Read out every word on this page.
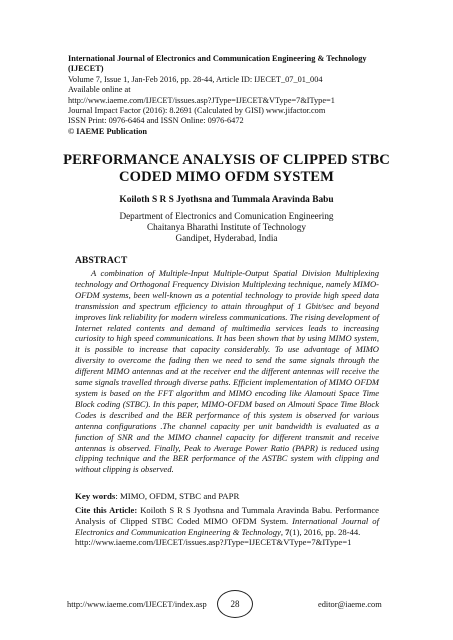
International Journal of Electronics and Communication Engineering & Technology (IJECET)
Volume 7, Issue 1, Jan-Feb 2016, pp. 28-44, Article ID: IJECET_07_01_004
Available online at
http://www.iaeme.com/IJECET/issues.asp?JType=IJECET&VType=7&IType=1
Journal Impact Factor (2016): 8.2691 (Calculated by GISI) www.jifactor.com
ISSN Print: 0976-6464 and ISSN Online: 0976-6472
© IAEME Publication
PERFORMANCE ANALYSIS OF CLIPPED STBC CODED MIMO OFDM SYSTEM
Koiloth S R S Jyothsna and Tummala Aravinda Babu
Department of Electronics and Comunication Engineering
Chaitanya Bharathi Institute of Technology
Gandipet, Hyderabad, India
ABSTRACT
A combination of Multiple-Input Multiple-Output Spatial Division Multiplexing technology and Orthogonal Frequency Division Multiplexing technique, namely MIMO-OFDM systems, been well-known as a potential technology to provide high speed data transmission and spectrum efficiency to attain throughput of 1 Gbit/sec and beyond improves link reliability for modern wireless communications. The rising development of Internet related contents and demand of multimedia services leads to increasing curiosity to high speed communications. It has been shown that by using MIMO system, it is possible to increase that capacity considerably. To use advantage of MIMO diversity to overcome the fading then we need to send the same signals through the different MIMO antennas and at the receiver end the different antennas will receive the same signals travelled through diverse paths. Efficient implementation of MIMO OFDM system is based on the FFT algorithm and MIMO encoding like Alamouti Space Time Block coding (STBC). In this paper, MIMO-OFDM based on Almouti Space Time Block Codes is described and the BER performance of this system is observed for various antenna configurations .The channel capacity per unit bandwidth is evaluated as a function of SNR and the MIMO channel capacity for different transmit and receive antennas is observed. Finally, Peak to Average Power Ratio (PAPR) is reduced using clipping technique and the BER performance of the ASTBC system with clipping and without clipping is observed.
Key words: MIMO, OFDM, STBC and PAPR
Cite this Article: Koiloth S R S Jyothsna and Tummala Aravinda Babu. Performance Analysis of Clipped STBC Coded MIMO OFDM System. International Journal of Electronics and Communication Engineering & Technology, 7(1), 2016, pp. 28-44.
http://www.iaeme.com/IJECET/issues.asp?JType=IJECET&VType=7&IType=1
http://www.iaeme.com/IJECET/index.asp	28	editor@iaeme.com
